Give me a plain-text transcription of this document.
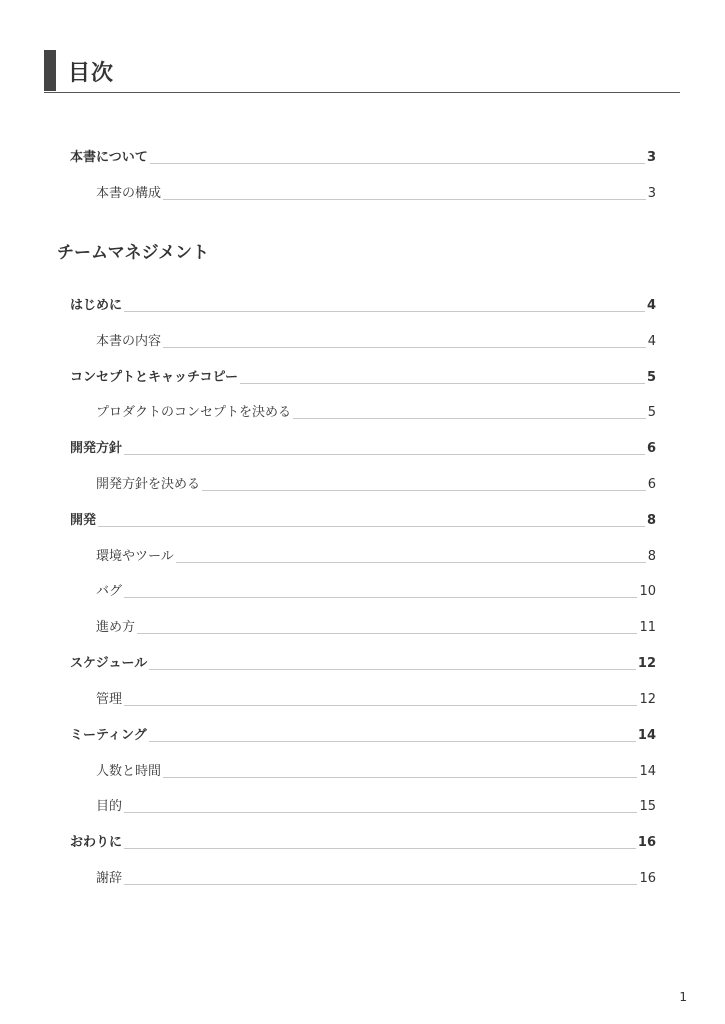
目次
本書について	3
本書の構成	3
チームマネジメント
はじめに	4
本書の内容	4
コンセプトとキャッチコピー	5
プロダクトのコンセプトを決める	5
開発方針	6
開発方針を決める	6
開発	8
環境やツール	8
バグ	10
進め方	11
スケジュール	12
管理	12
ミーティング	14
人数と時間	14
目的	15
おわりに	16
謝辞	16
1
